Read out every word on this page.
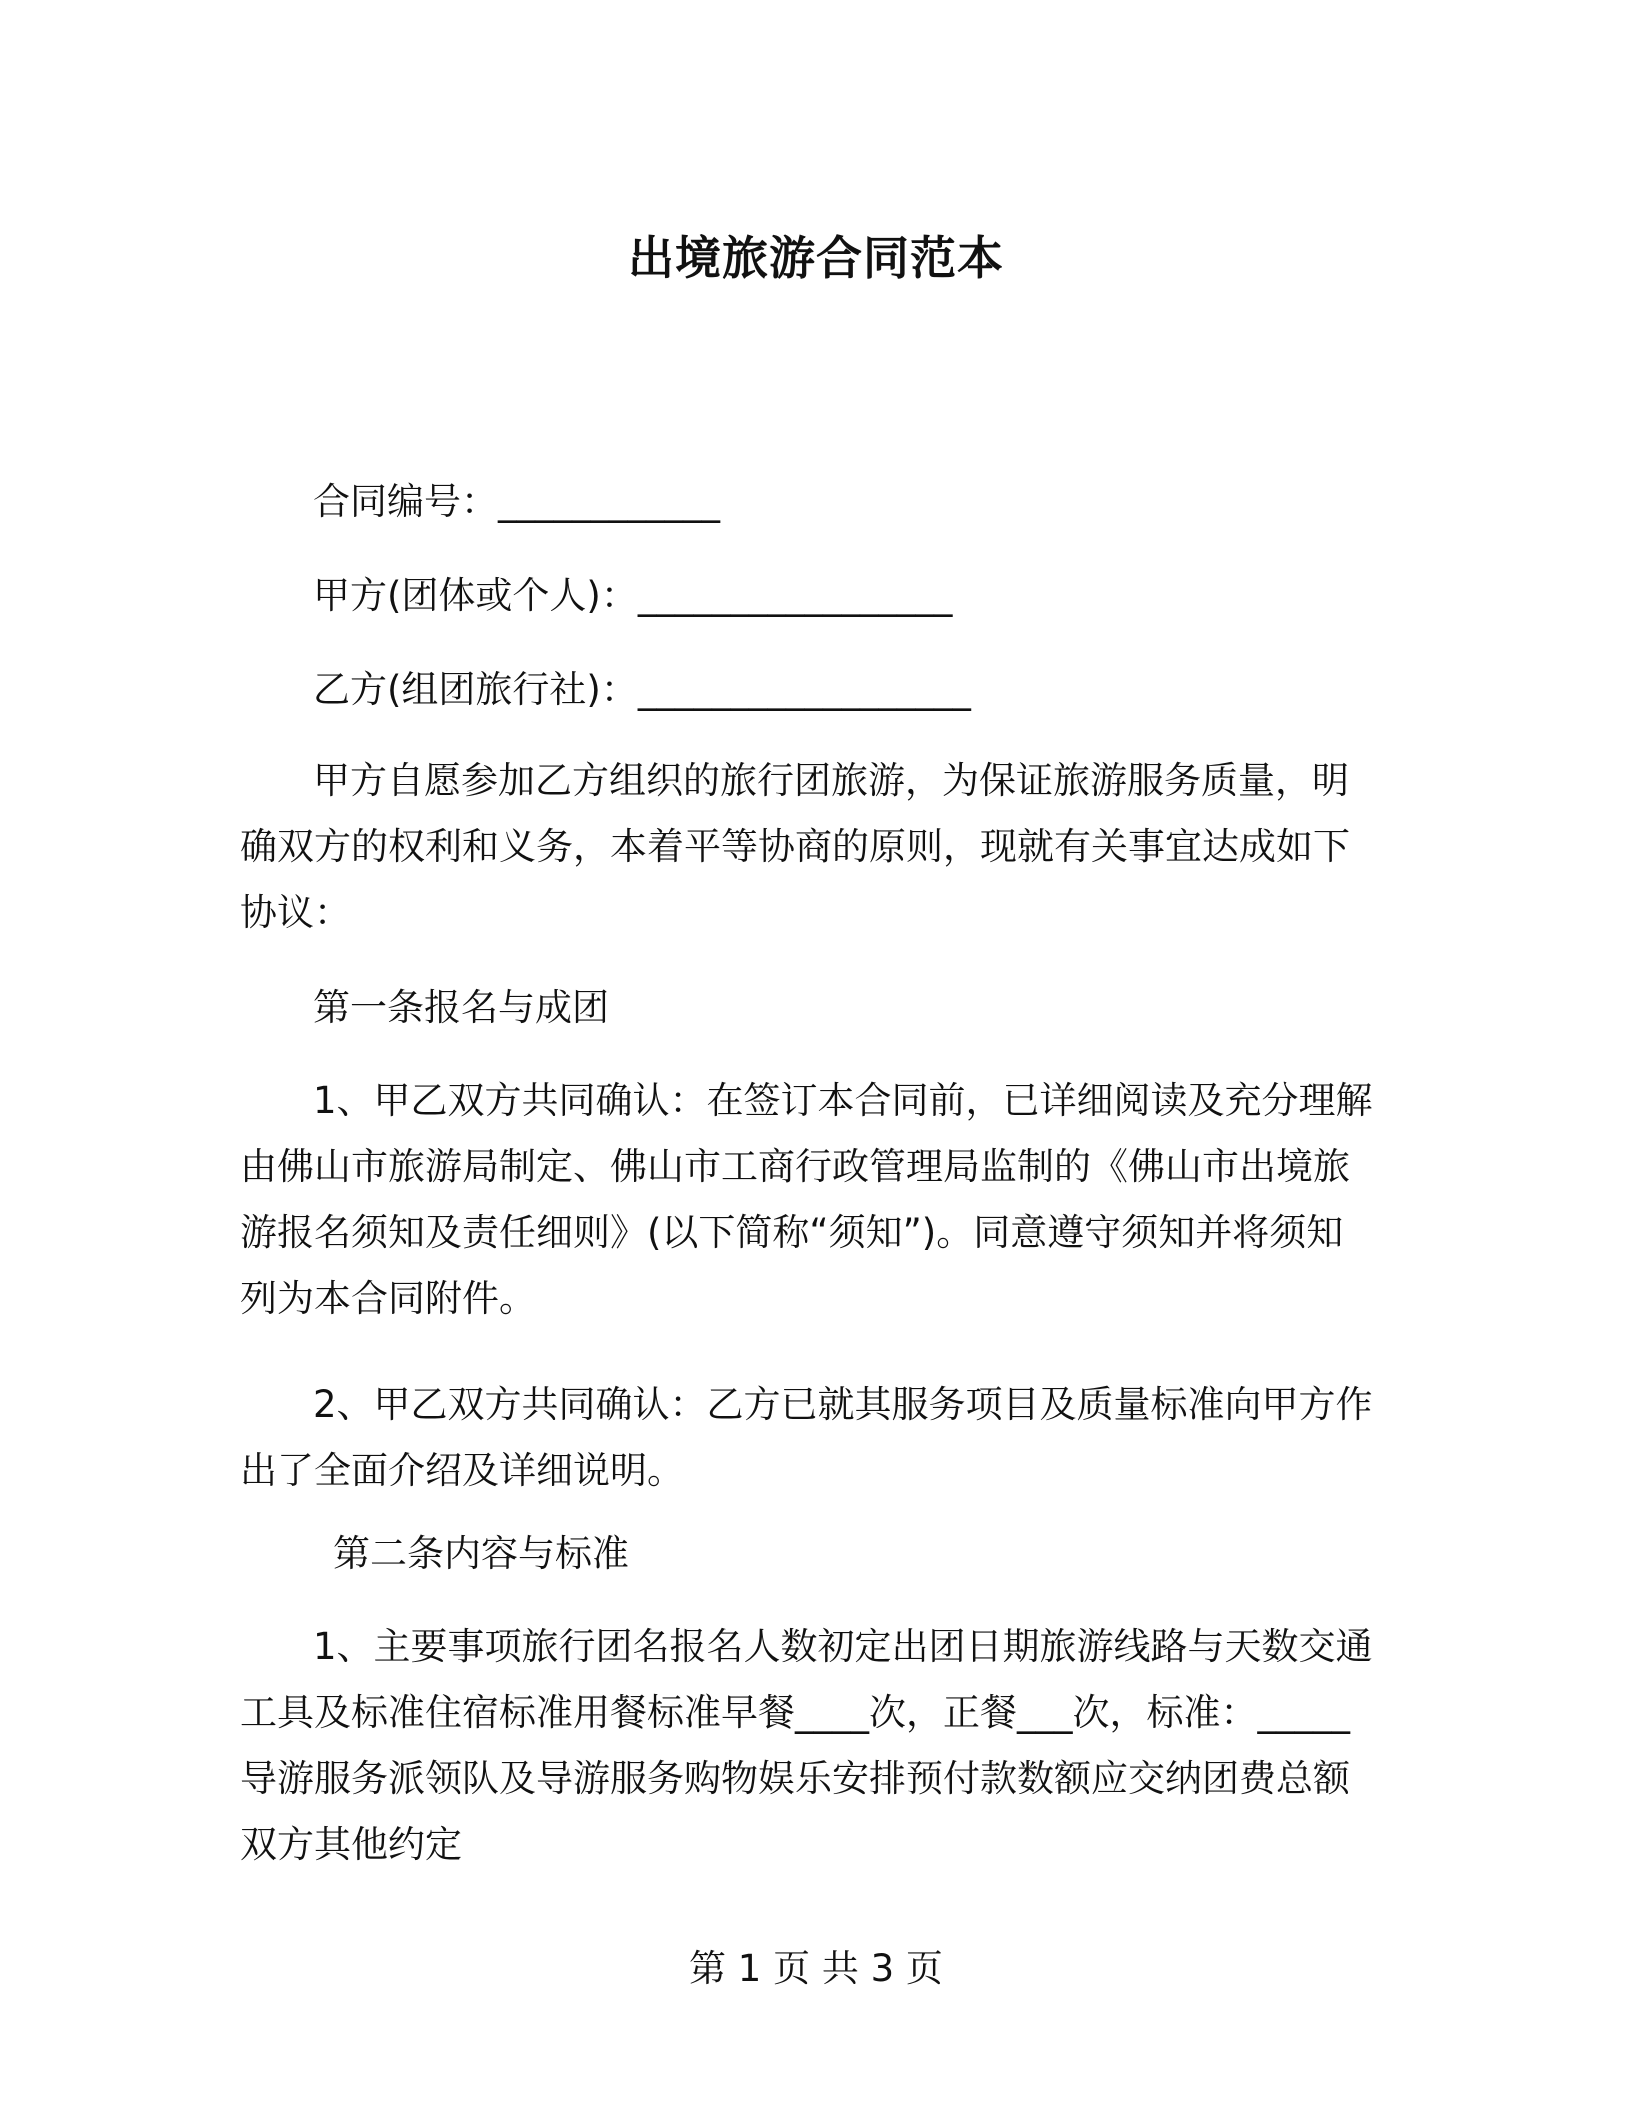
出境旅游合同范本
合同编号：____________
甲方(团体或个人)：_________________
乙方(组团旅行社)：__________________
甲方自愿参加乙方组织的旅行团旅游，为保证旅游服务质量，明
确双方的权利和义务，本着平等协商的原则，现就有关事宜达成如下
协议：
第一条报名与成团
1、甲乙双方共同确认：在签订本合同前，已详细阅读及充分理解
由佛山市旅游局制定、佛山市工商行政管理局监制的《佛山市出境旅
游报名须知及责任细则》(以下简称“须知”)。同意遵守须知并将须知
列为本合同附件。
2、甲乙双方共同确认：乙方已就其服务项目及质量标准向甲方作
出了全面介绍及详细说明。
第二条内容与标准
1、主要事项旅行团名报名人数初定出团日期旅游线路与天数交通
工具及标准住宿标准用餐标准早餐____次，正餐___次，标准：_____
导游服务派领队及导游服务购物娱乐安排预付款数额应交纳团费总额
双方其他约定
第 1 页 共 3 页
